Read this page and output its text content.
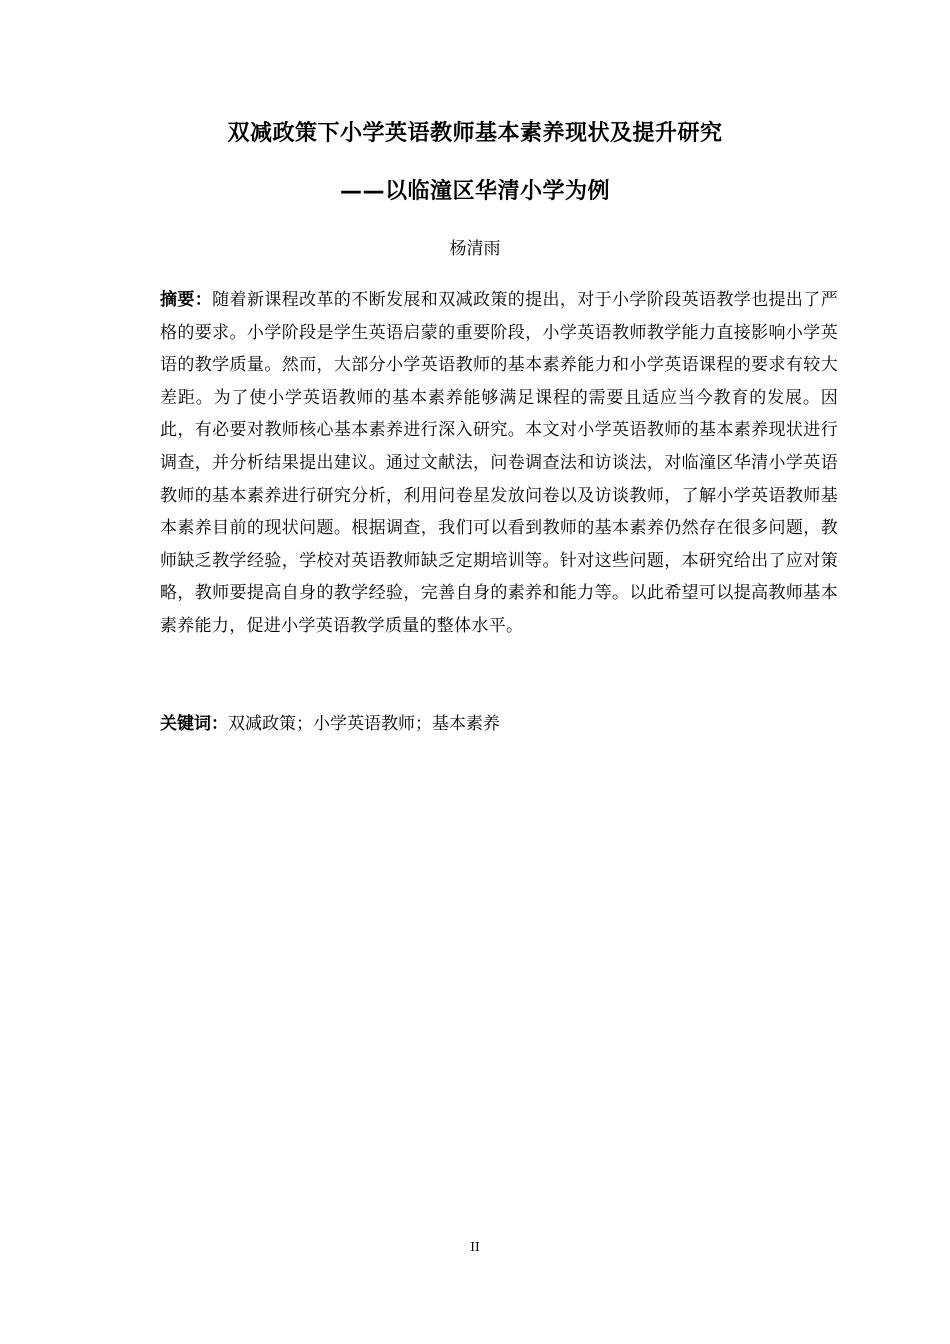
双减政策下小学英语教师基本素养现状及提升研究
——以临潼区华清小学为例
杨清雨
摘要：随着新课程改革的不断发展和双减政策的提出，对于小学阶段英语教学也提出了严格的要求。小学阶段是学生英语启蒙的重要阶段，小学英语教师教学能力直接影响小学英语的教学质量。然而，大部分小学英语教师的基本素养能力和小学英语课程的要求有较大差距。为了使小学英语教师的基本素养能够满足课程的需要且适应当今教育的发展。因此，有必要对教师核心基本素养进行深入研究。本文对小学英语教师的基本素养现状进行调查，并分析结果提出建议。通过文献法，问卷调查法和访谈法，对临潼区华清小学英语教师的基本素养进行研究分析，利用问卷星发放问卷以及访谈教师，了解小学英语教师基本素养目前的现状问题。根据调查，我们可以看到教师的基本素养仍然存在很多问题，教师缺乏教学经验，学校对英语教师缺乏定期培训等。针对这些问题，本研究给出了应对策略，教师要提高自身的教学经验，完善自身的素养和能力等。以此希望可以提高教师基本素养能力，促进小学英语教学质量的整体水平。
关键词：双减政策；小学英语教师；基本素养
II
